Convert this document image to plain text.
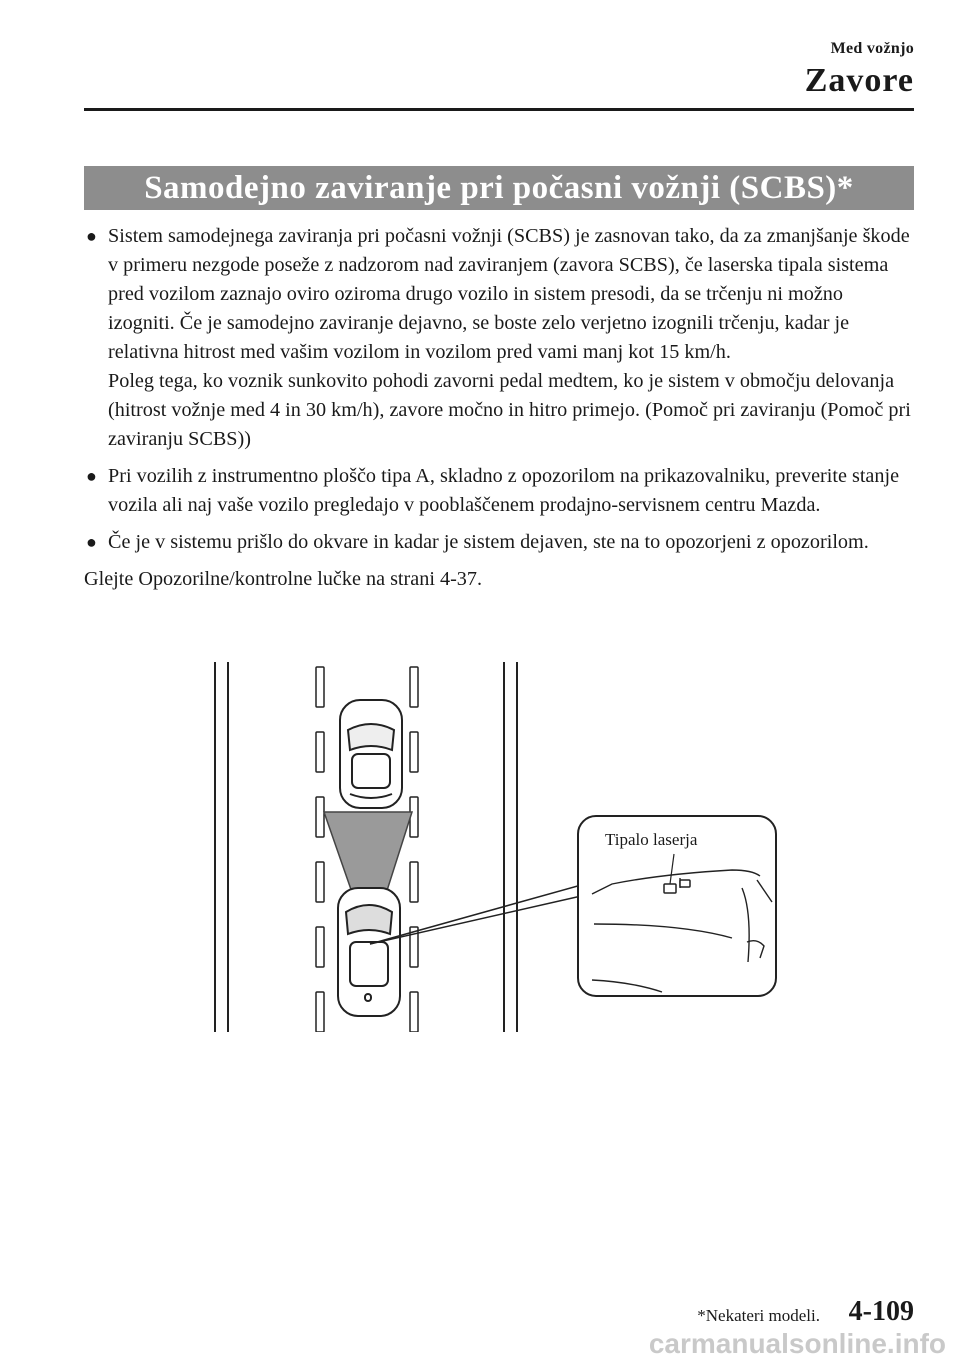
Med vožnjo
Zavore
Samodejno zaviranje pri počasni vožnji (SCBS)*
● Sistem samodejnega zaviranja pri počasni vožnji (SCBS) je zasnovan tako, da za zmanjšanje škode v primeru nezgode poseže z nadzorom nad zaviranjem (zavora SCBS), če laserska tipala sistema pred vozilom zaznajo oviro oziroma drugo vozilo in sistem presodi, da se trčenju ni možno izogniti. Če je samodejno zaviranje dejavno, se boste zelo verjetno izognili trčenju, kadar je relativna hitrost med vašim vozilom in vozilom pred vami manj kot 15 km/h.

Poleg tega, ko voznik sunkovito pohodi zavorni pedal medtem, ko je sistem v območju delovanja (hitrost vožnje med 4 in 30 km/h), zavore močno in hitro primejo. (Pomoč pri zaviranju (Pomoč pri zaviranju SCBS))

● Pri vozilih z instrumentno ploščo tipa A, skladno z opozorilom na prikazovalniku, preverite stanje vozila ali naj vaše vozilo pregledajo v pooblaščenem prodajno-servisnem centru Mazda.

● Če je v sistemu prišlo do okvare in kadar je sistem dejaven, ste na to opozorjeni z opozorilom.

Glejte Opozorilne/kontrolne lučke na strani 4-37.

Tipalo laserja
*Nekateri modeli. 4-109
carmanualsonline.info
